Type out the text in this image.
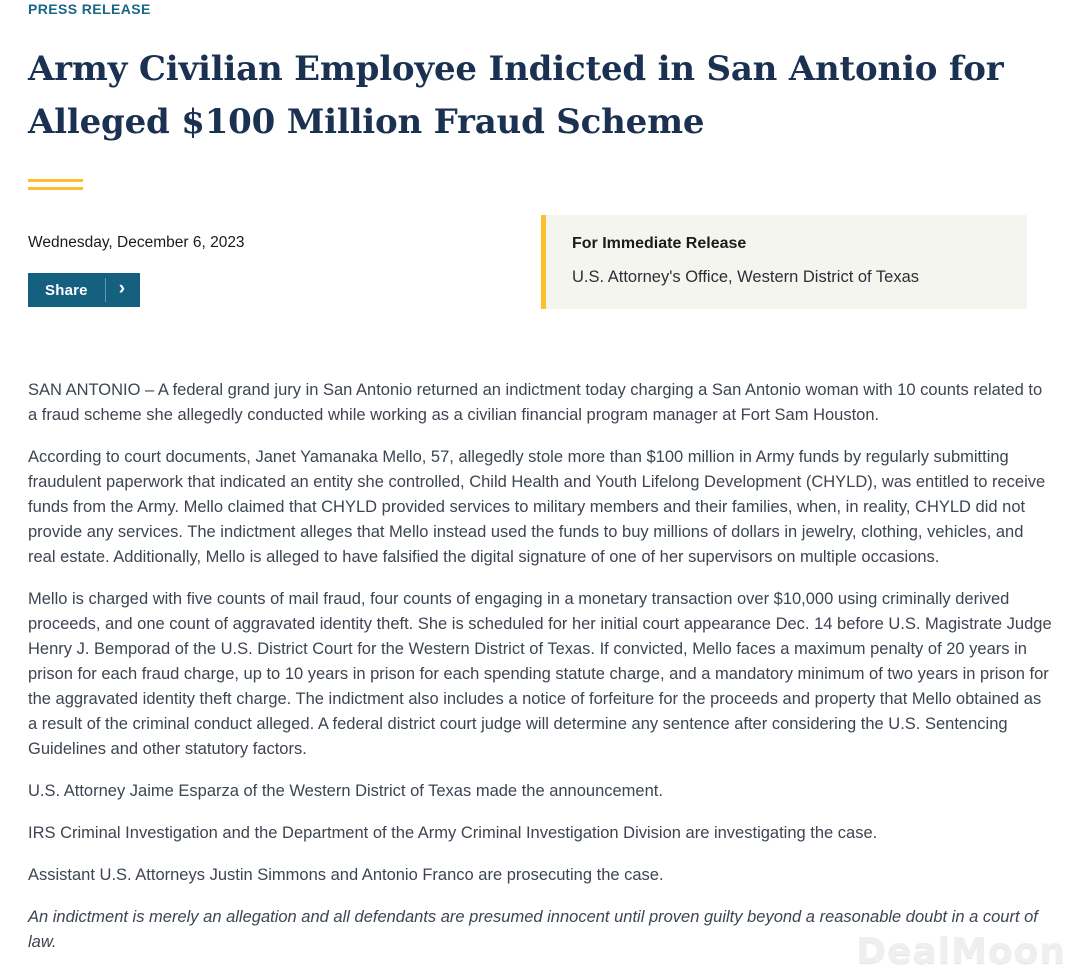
PRESS RELEASE
Army Civilian Employee Indicted in San Antonio for Alleged $100 Million Fraud Scheme
Wednesday, December 6, 2023
Share	›
For Immediate Release
U.S. Attorney's Office, Western District of Texas

SAN ANTONIO – A federal grand jury in San Antonio returned an indictment today charging a San Antonio woman with 10 counts related to a fraud scheme she allegedly conducted while working as a civilian financial program manager at Fort Sam Houston.

According to court documents, Janet Yamanaka Mello, 57, allegedly stole more than $100 million in Army funds by regularly submitting fraudulent paperwork that indicated an entity she controlled, Child Health and Youth Lifelong Development (CHYLD), was entitled to receive funds from the Army. Mello claimed that CHYLD provided services to military members and their families, when, in reality, CHYLD did not provide any services. The indictment alleges that Mello instead used the funds to buy millions of dollars in jewelry, clothing, vehicles, and real estate. Additionally, Mello is alleged to have falsified the digital signature of one of her supervisors on multiple occasions.

Mello is charged with five counts of mail fraud, four counts of engaging in a monetary transaction over $10,000 using criminally derived proceeds, and one count of aggravated identity theft. She is scheduled for her initial court appearance Dec. 14 before U.S. Magistrate Judge Henry J. Bemporad of the U.S. District Court for the Western District of Texas. If convicted, Mello faces a maximum penalty of 20 years in prison for each fraud charge, up to 10 years in prison for each spending statute charge, and a mandatory minimum of two years in prison for the aggravated identity theft charge. The indictment also includes a notice of forfeiture for the proceeds and property that Mello obtained as a result of the criminal conduct alleged. A federal district court judge will determine any sentence after considering the U.S. Sentencing Guidelines and other statutory factors.

U.S. Attorney Jaime Esparza of the Western District of Texas made the announcement.

IRS Criminal Investigation and the Department of the Army Criminal Investigation Division are investigating the case.

Assistant U.S. Attorneys Justin Simmons and Antonio Franco are prosecuting the case.

An indictment is merely an allegation and all defendants are presumed innocent until proven guilty beyond a reasonable doubt in a court of law.	DealMoon
